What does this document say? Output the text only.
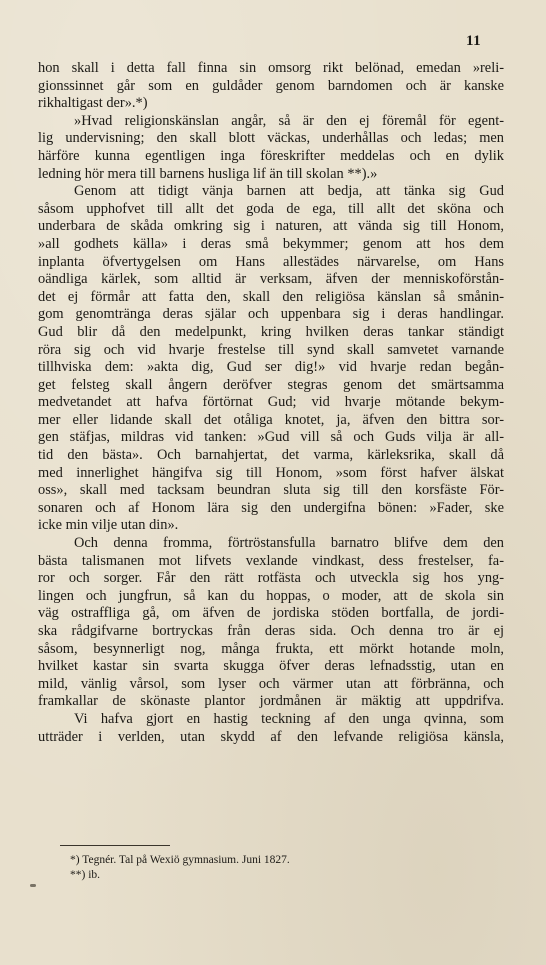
11
hon skall i detta fall finna sin omsorg rikt belönad, emedan »reli-
gionssinnet går som en guldåder genom barndomen och är kanske
rikhaltigast der».*)
»Hvad religionskänslan angår, så är den ej föremål för egent-
lig undervisning; den skall blott väckas, underhållas och ledas; men
härföre kunna egentligen inga föreskrifter meddelas och en dylik
ledning hör mera till barnens husliga lif än till skolan **).»
Genom att tidigt vänja barnen att bedja, att tänka sig Gud
såsom upphofvet till allt det goda de ega, till allt det sköna och
underbara de skåda omkring sig i naturen, att vända sig till Honom,
»all godhets källa» i deras små bekymmer; genom att hos dem
inplanta öfvertygelsen om Hans allestädes närvarelse, om Hans
oändliga kärlek, som alltid är verksam, äfven der menniskoförstån-
det ej förmår att fatta den, skall den religiösa känslan så smånin-
gom genomtränga deras själar och uppenbara sig i deras handlingar.
Gud blir då den medelpunkt, kring hvilken deras tankar ständigt
röra sig och vid hvarje frestelse till synd skall samvetet varnande
tillhviska dem: »akta dig, Gud ser dig!» vid hvarje redan begån-
get felsteg skall ångern deröfver stegras genom det smärtsamma
medvetandet att hafva förtörnat Gud; vid hvarje mötande bekym-
mer eller lidande skall det otåliga knotet, ja, äfven den bittra sor-
gen stäfjas, mildras vid tanken: »Gud vill så och Guds vilja är all-
tid den bästa». Och barnahjertat, det varma, kärleksrika, skall då
med innerlighet hängifva sig till Honom, »som först hafver älskat
oss», skall med tacksam beundran sluta sig till den korsfäste För-
sonaren och af Honom lära sig den undergifna bönen: »Fader, ske
icke min vilje utan din».
Och denna fromma, förtröstansfulla barnatro blifve dem den
bästa talismanen mot lifvets vexlande vindkast, dess frestelser, fa-
ror och sorger. Får den rätt rotfästa och utveckla sig hos yng-
lingen och jungfrun, så kan du hoppas, o moder, att de skola sin
väg ostraffliga gå, om äfven de jordiska stöden bortfalla, de jordi-
ska rådgifvarne bortryckas från deras sida. Och denna tro är ej
såsom, besynnerligt nog, många frukta, ett mörkt hotande moln,
hvilket kastar sin svarta skugga öfver deras lefnadsstig, utan en
mild, vänlig vårsol, som lyser och värmer utan att förbränna, och
framkallar de skönaste plantor jordmånen är mäktig att uppdrifva.
Vi hafva gjort en hastig teckning af den unga qvinna, som
utträder i verlden, utan skydd af den lefvande religiösa känsla,
*) Tegnér. Tal på Wexiö gymnasium. Juni 1827.
**) ib.
